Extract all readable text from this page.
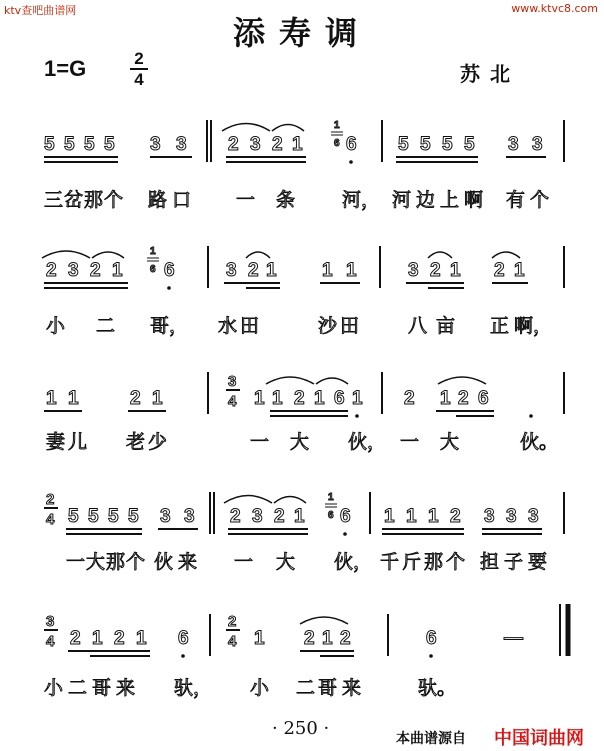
ktv查吧曲谱网	www.ktvc8.com
添寿调
1=G	2
4	苏北
5 5 5 5 3 3 2 3 2 1
1
6 6 5 5 5 5 3 3
三 岔 那 个 路 口 一 条 河， 河 边 上 啊 有 个
2 3 2 1
1
6 6	3 2 1 1 1	3 2 1 2 1
小 二 哥， 水 田	沙 田	八 亩 正 啊，
1 1	2 1
3
4 1 1 2 1 6 1 2 1 2 6
妻 儿 老 少	一 大 伙， 一 大	伙。
2
4 5 5 5 5 3 3 2 3 2 1
1
6 6 1 1 1 2 3 3 3
一 大 那 个 伙 来 一 大 伙， 千 斤 那 个 担 子 要
3
4 2 1 2 1 6
2
4 1 2 1 2	6	—
小 二 哥 来 驮， 小 二 哥 来	驮。
· 250 ·	本曲谱源自 中国词曲网
